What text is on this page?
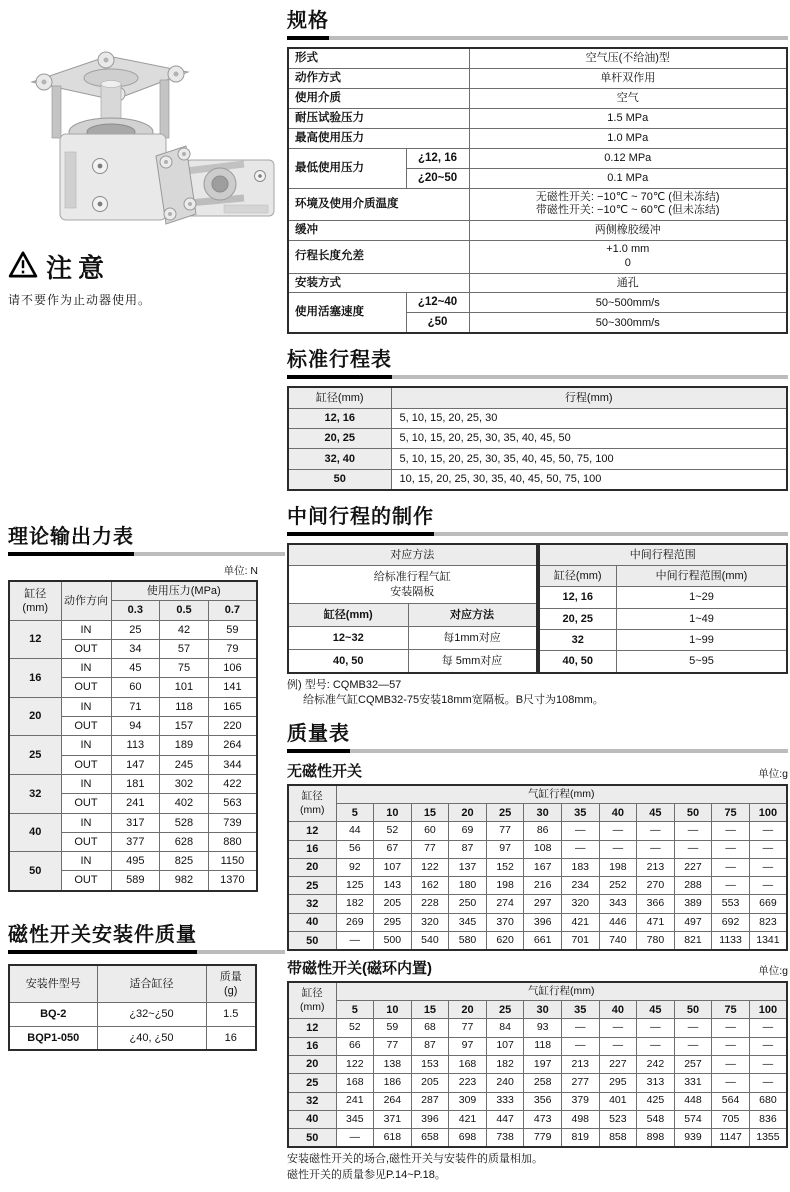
注意
请不要作为止动器使用。
理论输出力表
单位: N
缸径
(mm)	动作方向	使用压力(MPa)		
		0.3	0.5	0.7
12	IN	25	42	59
	OUT	34	57	79
16	IN	45	75	106
	OUT	60	101	141
20	IN	71	118	165
	OUT	94	157	220
25	IN	113	189	264
	OUT	147	245	344
32	IN	181	302	422
	OUT	241	402	563
40	IN	317	528	739
	OUT	377	628	880
50	IN	495	825	1150
	OUT	589	982	1370
磁性开关安装件质量
安装件型号	适合缸径	质量
(g)
BQ-2	¿32~¿50	1.5
BQP1-050	¿40, ¿50	16
规格
形式		空气压(不给油)型
动作方式		单杆双作用
使用介质		空气
耐压试验压力		1.5 MPa
最高使用压力		1.0 MPa
最低使用压力	¿12, 16	0.12 MPa
	¿20~50	0.1 MPa
环境及使用介质温度		无磁性开关: −10℃ ~ 70℃ (但未冻结)
带磁性开关: −10℃ ~ 60℃ (但未冻结)

缓冲		两侧橡胶缓冲
行程长度允差		+1.0 mm
0

安装方式		通孔
使用活塞速度	¿12~40	50~500mm/s
	¿50	50~300mm/s
标准行程表
缸径(mm)	行程(mm)
12, 16	5, 10, 15, 20, 25, 30
20, 25	5, 10, 15, 20, 25, 30, 35, 40, 45, 50
32, 40	5, 10, 15, 20, 25, 30, 35, 40, 45, 50, 75, 100
50	10, 15, 20, 25, 30, 35, 40, 45, 50, 75, 100
中间行程的制作
对应方法	

给标准行程气缸
安装隔板	

缸径(mm)	对应方法
12~32	每1mm对应
40, 50	每 5mm对应
中间行程范围	
缸径(mm)	中间行程范围(mm)
12, 16	1~29
20, 25	1~49
32	1~99
40, 50	5~95
例) 型号: CQMB32—57
给标准气缸CQMB32-75安装18mm宽隔板。B尺寸为108mm。
质量表
无磁性开关	单位:g
缸径
(mm)	气缸行程(mm)											
	5	10	15	20	25	30	35	40	45	50	75	100
12	44	52	60	69	77	86	—	—	—	—	—	—
16	56	67	77	87	97	108	—	—	—	—	—	—
20	92	107	122	137	152	167	183	198	213	227	—	—
25	125	143	162	180	198	216	234	252	270	288	—	—
32	182	205	228	250	274	297	320	343	366	389	553	669
40	269	295	320	345	370	396	421	446	471	497	692	823
50	—	500	540	580	620	661	701	740	780	821	1133	1341
带磁性开关(磁环内置)	单位:g
缸径
(mm)	气缸行程(mm)											
	5	10	15	20	25	30	35	40	45	50	75	100
12	52	59	68	77	84	93	—	—	—	—	—	—
16	66	77	87	97	107	118	—	—	—	—	—	—
20	122	138	153	168	182	197	213	227	242	257	—	—
25	168	186	205	223	240	258	277	295	313	331	—	—
32	241	264	287	309	333	356	379	401	425	448	564	680
40	345	371	396	421	447	473	498	523	548	574	705	836
50	—	618	658	698	738	779	819	858	898	939	1147	1355
安装磁性开关的场合,磁性开关与安装件的质量相加。
磁性开关的质量参见P.14~P.18。
